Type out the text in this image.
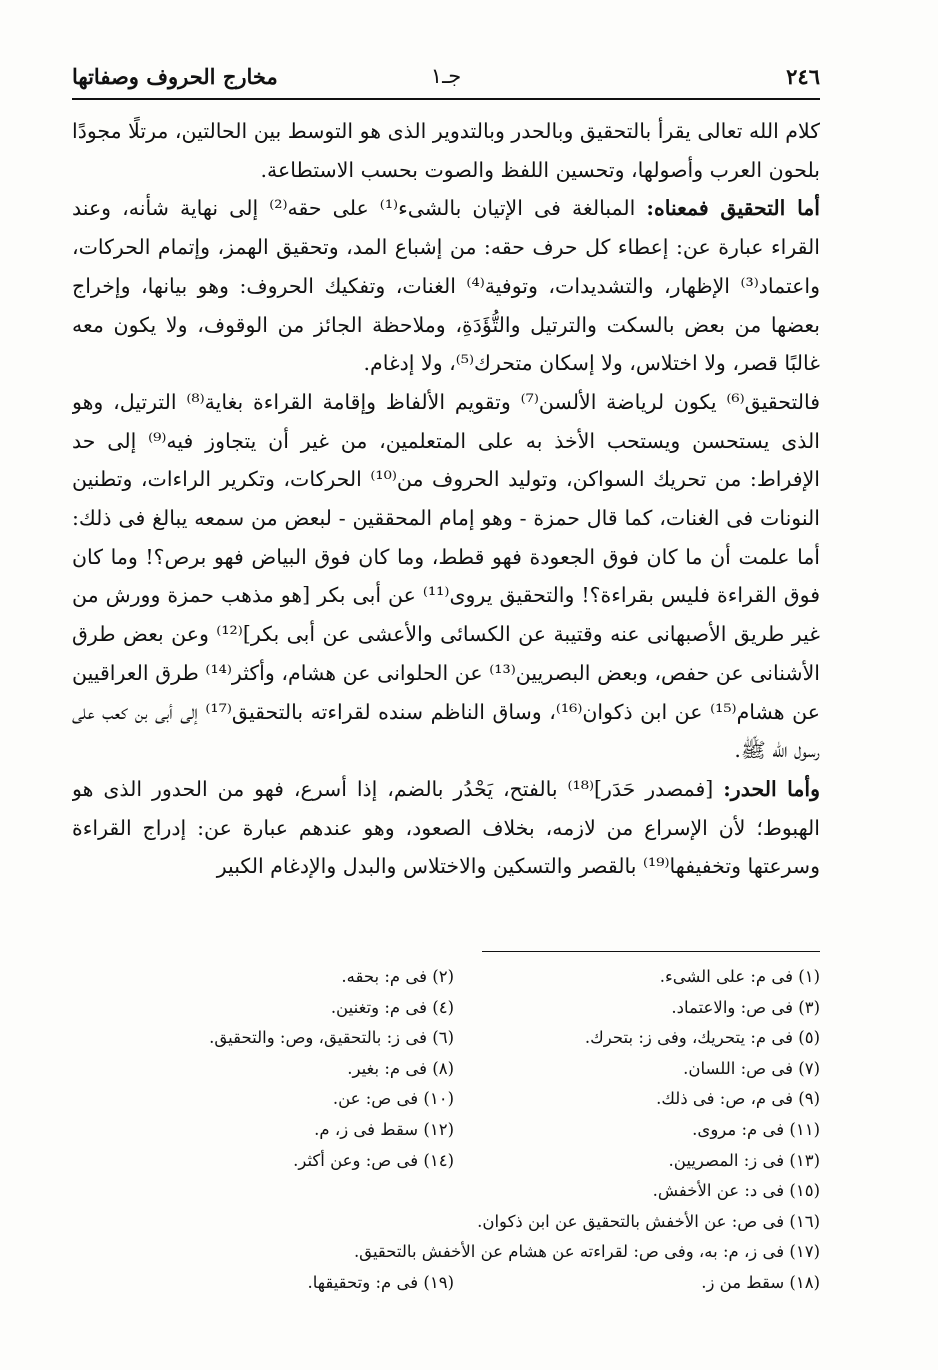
٢٤٦
جـ١
مخارج الحروف وصفاتها

كلام الله تعالى يقرأ بالتحقيق وبالحدر وبالتدوير الذى هو التوسط بين الحالتين، مرتلًا مجودًا بلحون العرب وأصولها، وتحسين اللفظ والصوت بحسب الاستطاعة.

أما التحقيق فمعناه: المبالغة فى الإتيان بالشىء⁽¹⁾ على حقه⁽²⁾ إلى نهاية شأنه، وعند القراء عبارة عن: إعطاء كل حرف حقه: من إشباع المد، وتحقيق الهمز، وإتمام الحركات، واعتماد⁽³⁾ الإظهار، والتشديدات، وتوفية⁽⁴⁾ الغنات، وتفكيك الحروف: وهو بيانها، وإخراج بعضها من بعض بالسكت والترتيل والتُّؤَدَةِ، وملاحظة الجائز من الوقوف، ولا يكون معه غالبًا قصر، ولا اختلاس، ولا إسكان متحرك⁽⁵⁾، ولا إدغام.

فالتحقيق⁽⁶⁾ يكون لرياضة الألسن⁽⁷⁾ وتقويم الألفاظ وإقامة القراءة بغاية⁽⁸⁾ الترتيل، وهو الذى يستحسن ويستحب الأخذ به على المتعلمين، من غير أن يتجاوز فيه⁽⁹⁾ إلى حد الإفراط: من تحريك السواكن، وتوليد الحروف من⁽¹⁰⁾ الحركات، وتكرير الراءات، وتطنين النونات فى الغنات، كما قال حمزة - وهو إمام المحققين - لبعض من سمعه يبالغ فى ذلك: أما علمت أن ما كان فوق الجعودة فهو قطط، وما كان فوق البياض فهو برص؟! وما كان فوق القراءة فليس بقراءة؟! والتحقيق يروى⁽¹¹⁾ عن أبى بكر [هو مذهب حمزة وورش من غير طريق الأصبهانى عنه وقتيبة عن الكسائى والأعشى عن أبى بكر]⁽¹²⁾ وعن بعض طرق الأشنانى عن حفص، وبعض البصريين⁽¹³⁾ عن الحلوانى عن هشام، وأكثر⁽¹⁴⁾ طرق العراقيين عن هشام⁽¹⁵⁾ عن ابن ذكوان⁽¹⁶⁾، وساق الناظم سنده لقراءته بالتحقيق⁽¹⁷⁾ إلى أبى بن كعب على رسول الله ﷺ.

وأما الحدر: [فمصدر حَدَر]⁽¹⁸⁾ بالفتح، يَحْدُر بالضم، إذا أسرع، فهو من الحدور الذى هو الهبوط؛ لأن الإسراع من لازمه، بخلاف الصعود، وهو عندهم عبارة عن: إدراج القراءة وسرعتها وتخفيفها⁽¹⁹⁾ بالقصر والتسكين والاختلاس والبدل والإدغام الكبير

(١) فى م: على الشىء.
(٢) فى م: بحقه.
(٣) فى ص: والاعتماد.
(٤) فى م: وتغنين.
(٥) فى م: يتحريك، وفى ز: بتحرك.
(٦) فى ز: بالتحقيق، وص: والتحقيق.
(٧) فى ص: اللسان.
(٨) فى م: بغير.
(٩) فى م، ص: فى ذلك.
(١٠) فى ص: عن.
(١١) فى م: مروى.
(١٢) سقط فى ز، م.
(١٣) فى ز: المصريين.
(١٤) فى ص: وعن أكثر.
(١٥) فى د: عن الأخفش.
(١٦) فى ص: عن الأخفش بالتحقيق عن ابن ذكوان.
(١٧) فى ز، م: به، وفى ص: لقراءته عن هشام عن الأخفش بالتحقيق.
(١٨) سقط من ز.
(١٩) فى م: وتحقيقها.
